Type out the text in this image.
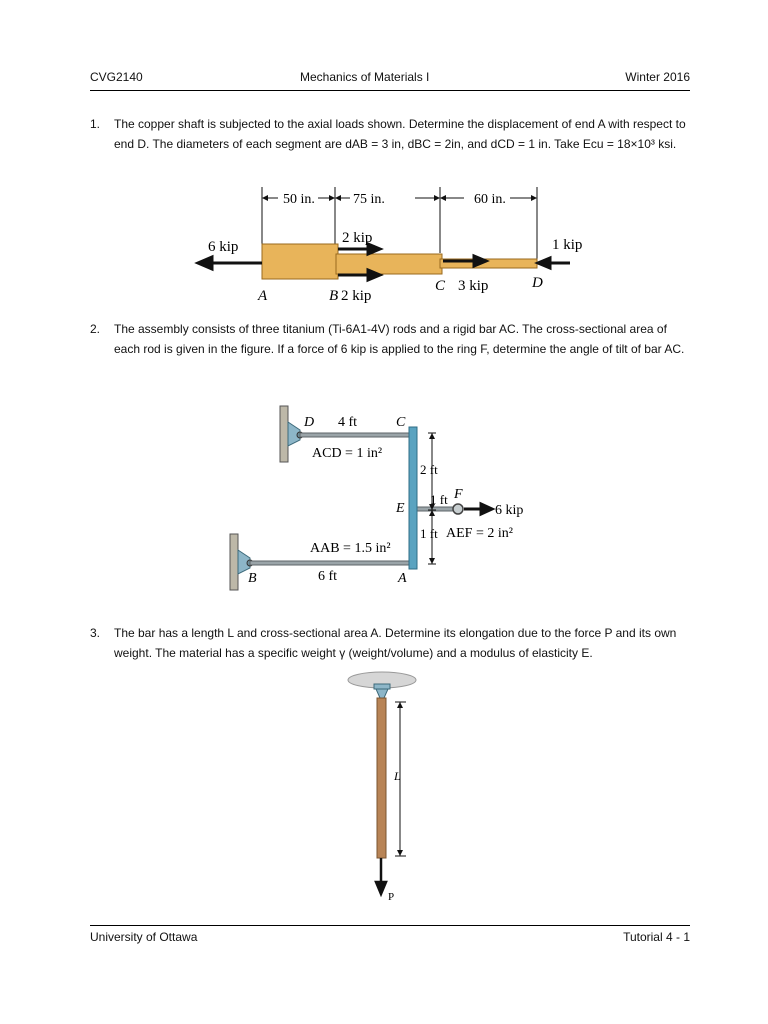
CVG2140	Mechanics of Materials I	Winter 2016
1. The copper shaft is subjected to the axial loads shown. Determine the displacement of end A with respect to end D. The diameters of each segment are dAB = 3 in, dBC = 2in, and dCD = 1 in. Take Ecu = 18×10³ ksi.
50 in.	75 in.	60 in.
6 kip
2 kip	1 kip
A	B 2 kip
C 3 kip	D
2. The assembly consists of three titanium (Ti-6A1-4V) rods and a rigid bar AC. The cross-sectional area of each rod is given in the figure. If a force of 6 kip is applied to the ring F, determine the angle of tilt of bar AC.
D 4 ft	C
ACD = 1 in²
2 ft
1 ft F
E	6 kip
1 ft AEF = 2 in²
AAB = 1.5 in²
6 ft
B	A
3. The bar has a length L and cross-sectional area A. Determine its elongation due to the force P and its own weight. The material has a specific weight γ (weight/volume) and a modulus of elasticity E.
L
P
University of Ottawa	Tutorial 4 - 1
